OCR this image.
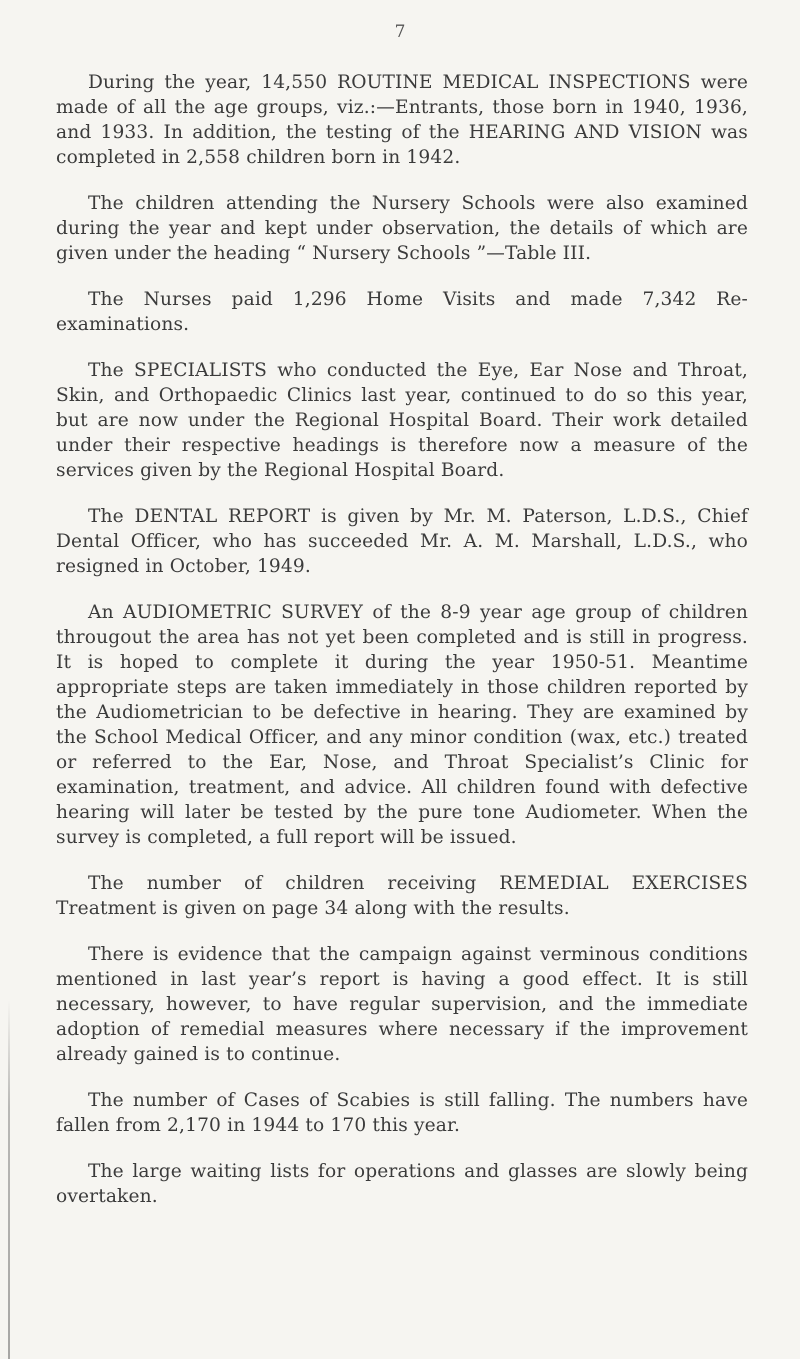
7

During the year, 14,550 ROUTINE MEDICAL INSPECTIONS were made of all the age groups, viz.:—Entrants, those born in 1940, 1936, and 1933. In addition, the testing of the HEARING AND VISION was completed in 2,558 children born in 1942.

The children attending the Nursery Schools were also examined during the year and kept under observation, the details of which are given under the heading “ Nursery Schools ”—Table III.

The Nurses paid 1,296 Home Visits and made 7,342 Re-examinations.

The SPECIALISTS who conducted the Eye, Ear Nose and Throat, Skin, and Orthopaedic Clinics last year, continued to do so this year, but are now under the Regional Hospital Board. Their work detailed under their respective headings is therefore now a measure of the services given by the Regional Hospital Board.

The DENTAL REPORT is given by Mr. M. Paterson, L.D.S., Chief Dental Officer, who has succeeded Mr. A. M. Marshall, L.D.S., who resigned in October, 1949.

An AUDIOMETRIC SURVEY of the 8-9 year age group of children througout the area has not yet been completed and is still in progress. It is hoped to complete it during the year 1950-51. Meantime appropriate steps are taken immediately in those children reported by the Audiometrician to be defective in hearing. They are examined by the School Medical Officer, and any minor condition (wax, etc.) treated or referred to the Ear, Nose, and Throat Specialist’s Clinic for examination, treatment, and advice. All children found with defective hearing will later be tested by the pure tone Audiometer. When the survey is completed, a full report will be issued.

The number of children receiving REMEDIAL EXERCISES Treatment is given on page 34 along with the results.

There is evidence that the campaign against verminous conditions mentioned in last year’s report is having a good effect. It is still necessary, however, to have regular supervision, and the immediate adoption of remedial measures where necessary if the improvement already gained is to continue.

The number of Cases of Scabies is still falling. The numbers have fallen from 2,170 in 1944 to 170 this year.

The large waiting lists for operations and glasses are slowly being overtaken.
